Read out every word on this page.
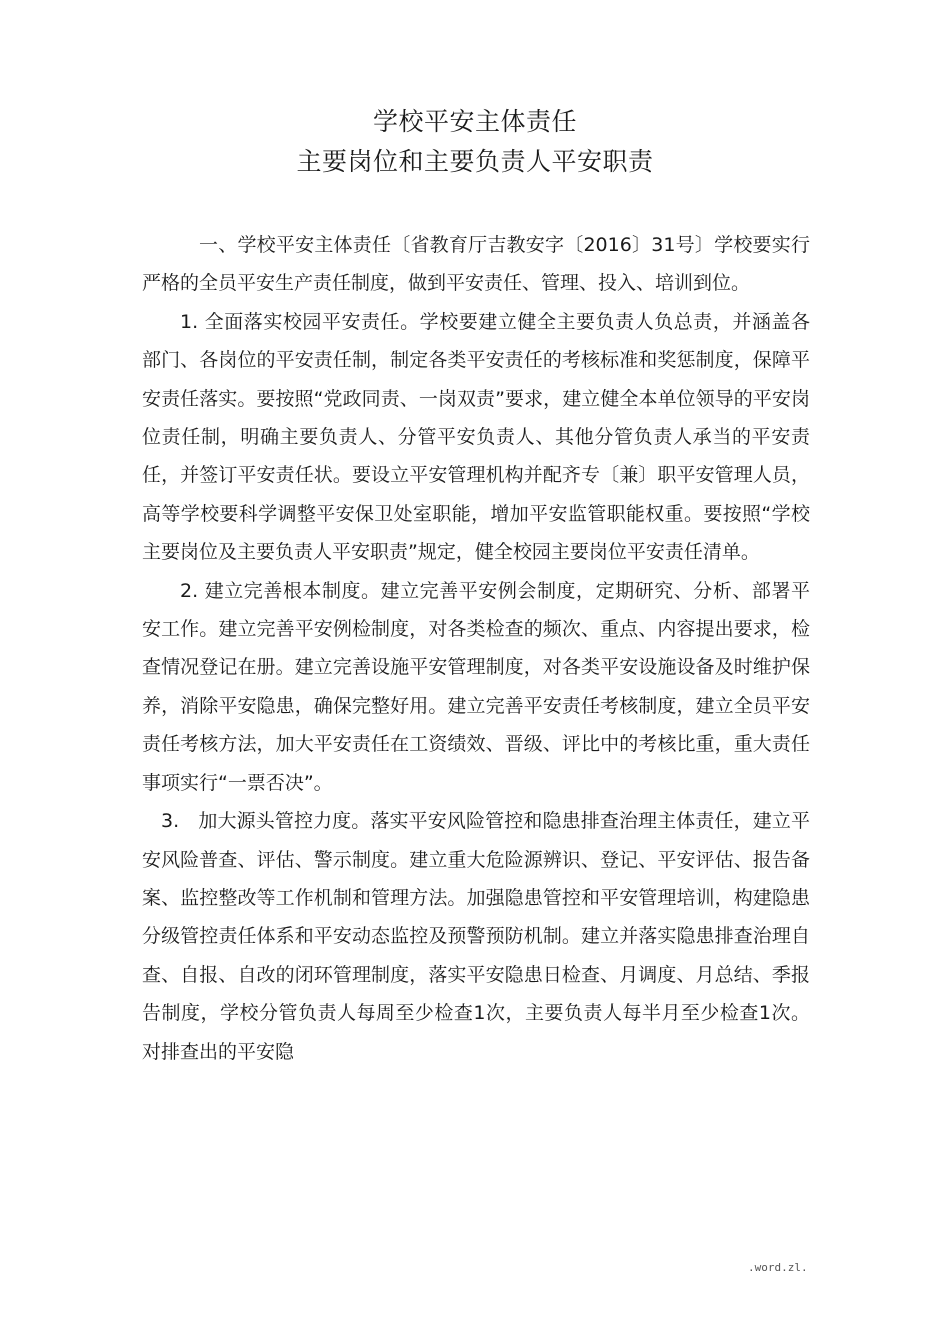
学校平安主体责任
主要岗位和主要负责人平安职责

一、学校平安主体责任〔省教育厅吉教安字〔2016〕31号〕学校要实行严格的全员平安生产责任制度，做到平安责任、管理、投入、培训到位。

1. 全面落实校园平安责任。学校要建立健全主要负责人负总责，并涵盖各部门、各岗位的平安责任制，制定各类平安责任的考核标准和奖惩制度，保障平安责任落实。要按照“党政同责、一岗双责”要求，建立健全本单位领导的平安岗位责任制，明确主要负责人、分管平安负责人、其他分管负责人承当的平安责任，并签订平安责任状。要设立平安管理机构并配齐专〔兼〕职平安管理人员，高等学校要科学调整平安保卫处室职能，增加平安监管职能权重。要按照“学校主要岗位及主要负责人平安职责”规定，健全校园主要岗位平安责任清单。

2. 建立完善根本制度。建立完善平安例会制度，定期研究、分析、部署平安工作。建立完善平安例检制度，对各类检查的频次、重点、内容提出要求，检查情况登记在册。建立完善设施平安管理制度，对各类平安设施设备及时维护保养，消除平安隐患，确保完整好用。建立完善平安责任考核制度，建立全员平安责任考核方法，加大平安责任在工资绩效、晋级、评比中的考核比重，重大责任事项实行“一票否决”。

3.　加大源头管控力度。落实平安风险管控和隐患排查治理主体责任，建立平安风险普查、评估、警示制度。建立重大危险源辨识、登记、平安评估、报告备案、监控整改等工作机制和管理方法。加强隐患管控和平安管理培训，构建隐患分级管控责任体系和平安动态监控及预警预防机制。建立并落实隐患排查治理自查、自报、自改的闭环管理制度，落实平安隐患日检查、月调度、月总结、季报告制度，学校分管负责人每周至少检查1次，主要负责人每半月至少检查1次。对排查出的平安隐

.word.zl.
